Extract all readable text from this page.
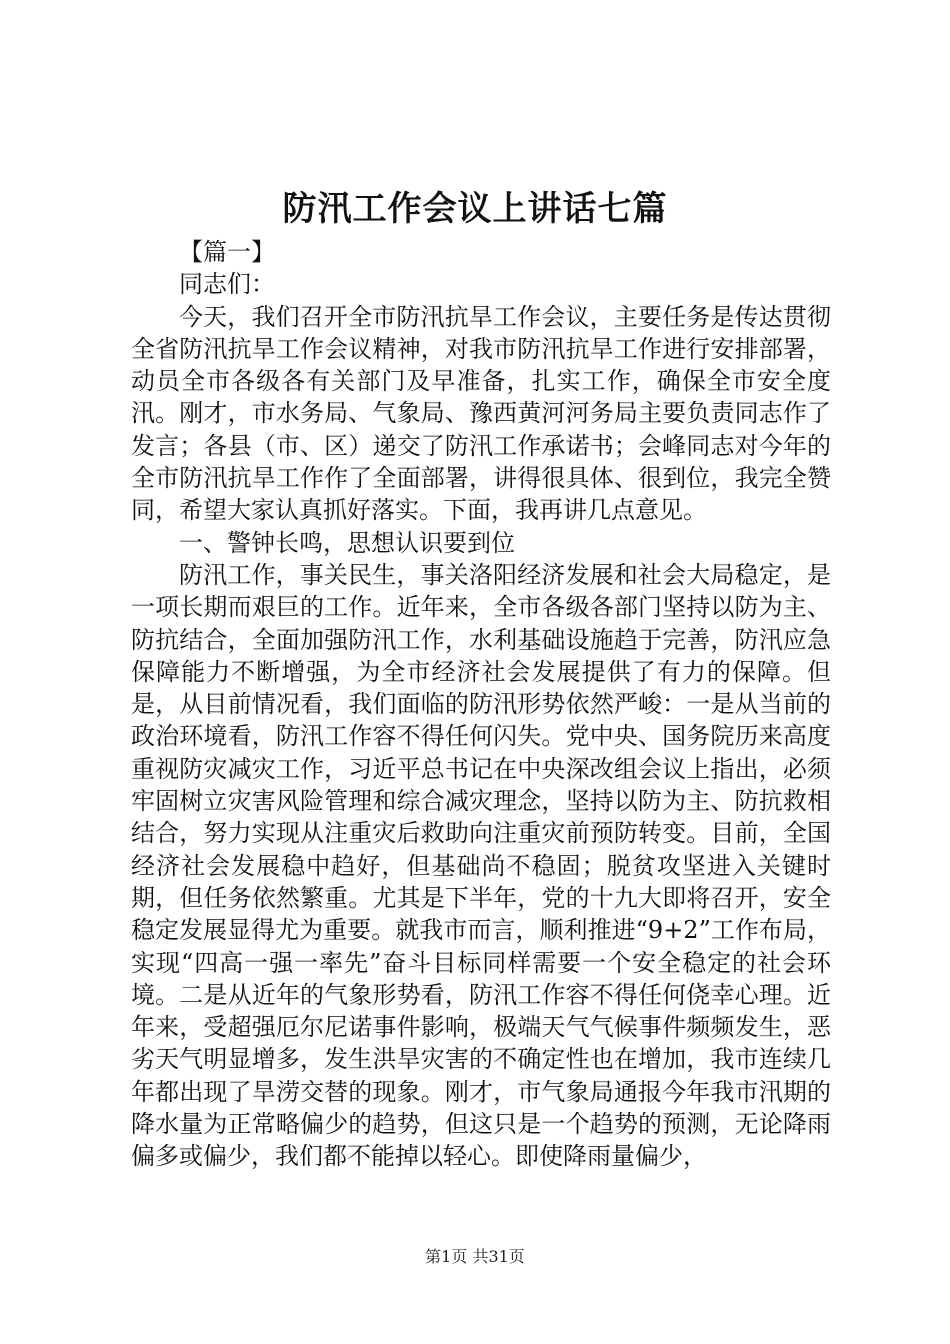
防汛工作会议上讲话七篇

【篇一】

同志们：

今天，我们召开全市防汛抗旱工作会议，主要任务是传达贯彻全省防汛抗旱工作会议精神，对我市防汛抗旱工作进行安排部署，动员全市各级各有关部门及早准备，扎实工作，确保全市安全度汛。刚才，市水务局、气象局、豫西黄河河务局主要负责同志作了发言；各县（市、区）递交了防汛工作承诺书；会峰同志对今年的全市防汛抗旱工作作了全面部署，讲得很具体、很到位，我完全赞同，希望大家认真抓好落实。下面，我再讲几点意见。

一、警钟长鸣，思想认识要到位

防汛工作，事关民生，事关洛阳经济发展和社会大局稳定，是一项长期而艰巨的工作。近年来，全市各级各部门坚持以防为主、防抗结合，全面加强防汛工作，水利基础设施趋于完善，防汛应急保障能力不断增强，为全市经济社会发展提供了有力的保障。但是，从目前情况看，我们面临的防汛形势依然严峻：一是从当前的政治环境看，防汛工作容不得任何闪失。党中央、国务院历来高度重视防灾减灾工作，习近平总书记在中央深改组会议上指出，必须牢固树立灾害风险管理和综合减灾理念，坚持以防为主、防抗救相结合，努力实现从注重灾后救助向注重灾前预防转变。目前，全国经济社会发展稳中趋好，但基础尚不稳固；脱贫攻坚进入关键时期，但任务依然繁重。尤其是下半年，党的十九大即将召开，安全稳定发展显得尤为重要。就我市而言，顺利推进“9+2”工作布局，实现“四高一强一率先”奋斗目标同样需要一个安全稳定的社会环境。二是从近年的气象形势看，防汛工作容不得任何侥幸心理。近年来，受超强厄尔尼诺事件影响，极端天气气候事件频频发生，恶劣天气明显增多，发生洪旱灾害的不确定性也在增加，我市连续几年都出现了旱涝交替的现象。刚才，市气象局通报今年我市汛期的降水量为正常略偏少的趋势，但这只是一个趋势的预测，无论降雨偏多或偏少，我们都不能掉以轻心。即使降雨量偏少，

第1页 共31页
